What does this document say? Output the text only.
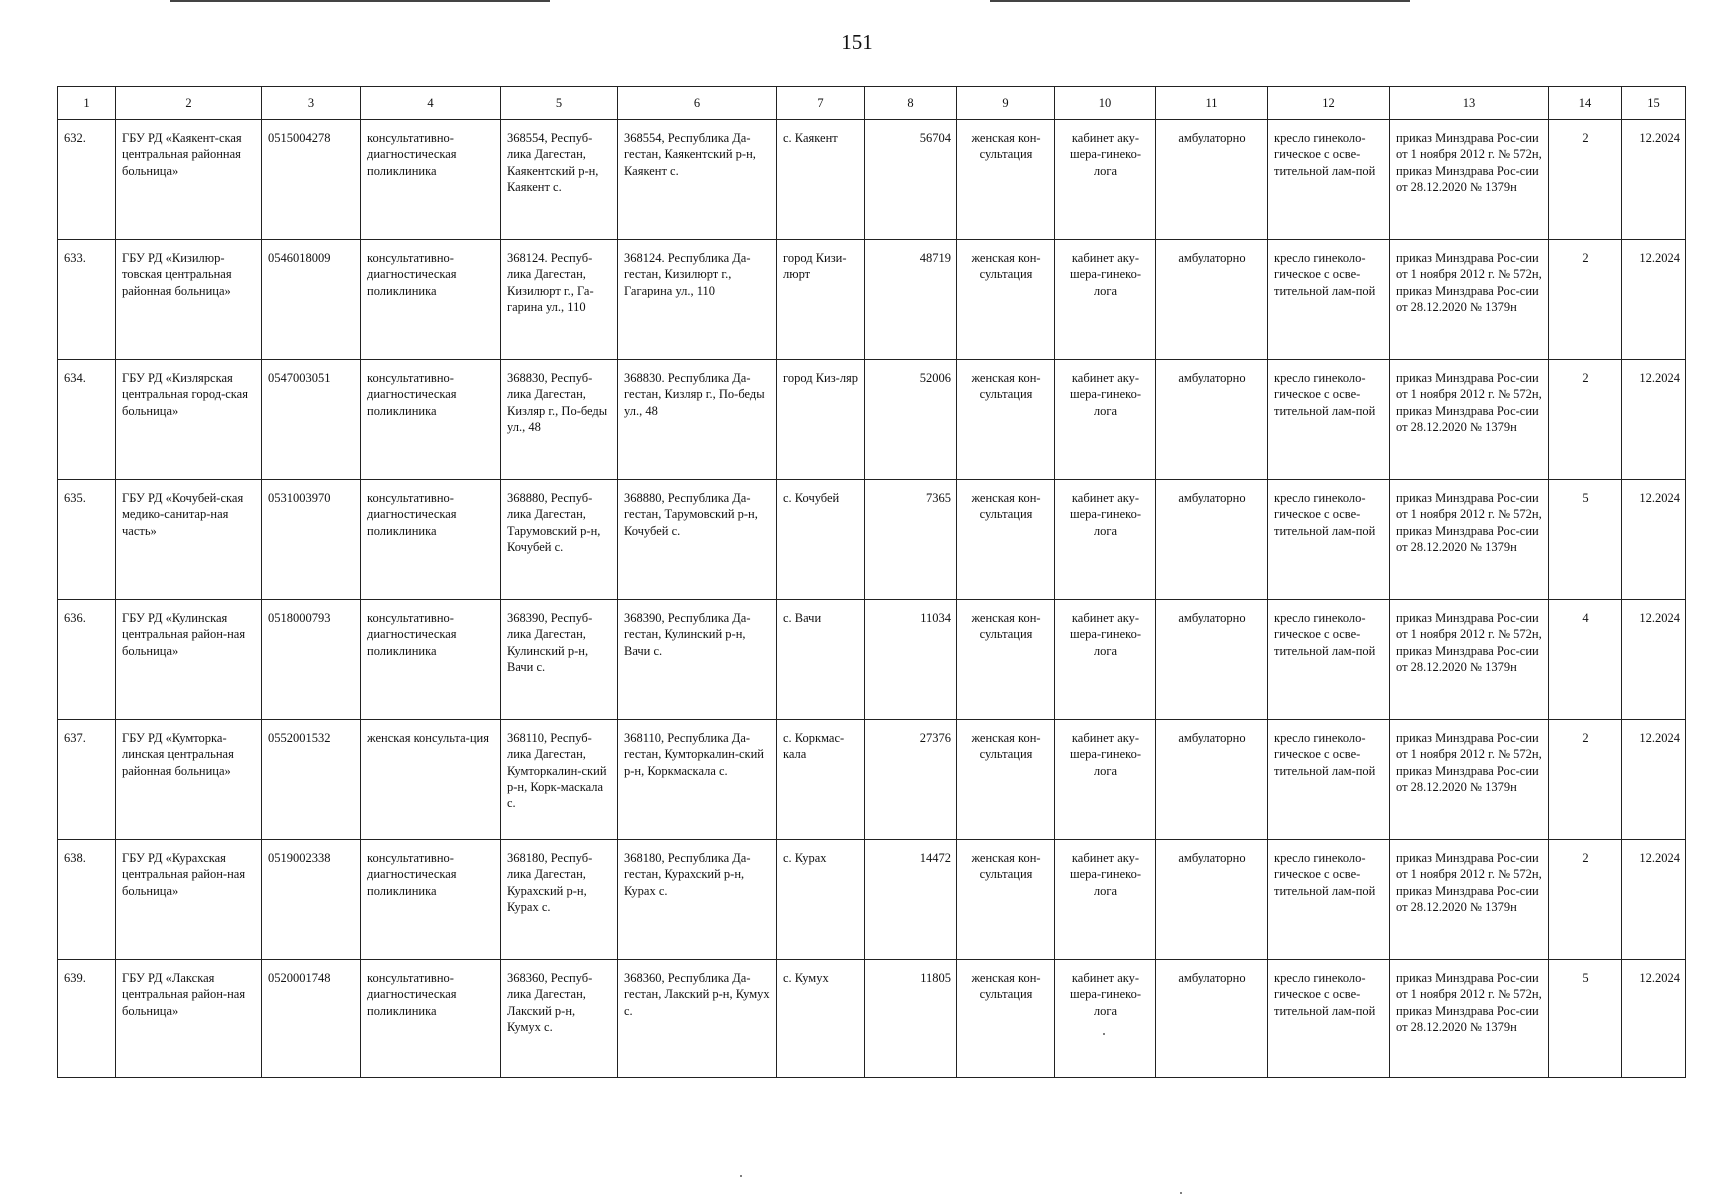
151
1	2	3	4	5	6	7	8	9	10	11	12	13	14	15
632.	ГБУ РД «Каякент-ская центральная районная больница»	0515004278	консультативно-диагностическая поликлиника	368554, Респуб-лика Дагестан, Каякентский р-н, Каякент с.	368554, Республика Да-гестан, Каякентский р-н, Каякент с.	с. Каякент	56704	женская кон-сультация	кабинет аку-шера-гинеко-лога	амбулаторно	кресло гинеколо-гическое с осве-тительной лам-пой	приказ Минздрава Рос-сии от 1 ноября 2012 г. № 572н, приказ Минздрава Рос-сии от 28.12.2020 № 1379н	2	12.2024
633.	ГБУ РД «Кизилюр-товская центральная районная больница»	0546018009	консультативно-диагностическая поликлиника	368124. Респуб-лика Дагестан, Кизилюрт г., Га-гарина ул., 110	368124. Республика Да-гестан, Кизилюрт г., Гагарина ул., 110	город Кизи-люрт	48719	женская кон-сультация	кабинет аку-шера-гинеко-лога	амбулаторно	кресло гинеколо-гическое с осве-тительной лам-пой	приказ Минздрава Рос-сии от 1 ноября 2012 г. № 572н, приказ Минздрава Рос-сии от 28.12.2020 № 1379н	2	12.2024
634.	ГБУ РД «Кизлярская центральная город-ская больница»	0547003051	консультативно-диагностическая поликлиника	368830, Респуб-лика Дагестан, Кизляр г., По-беды ул., 48	368830. Республика Да-гестан, Кизляр г., По-беды ул., 48	город Киз-ляр	52006	женская кон-сультация	кабинет аку-шера-гинеко-лога	амбулаторно	кресло гинеколо-гическое с осве-тительной лам-пой	приказ Минздрава Рос-сии от 1 ноября 2012 г. № 572н, приказ Минздрава Рос-сии от 28.12.2020 № 1379н	2	12.2024
635.	ГБУ РД «Кочубей-ская медико-санитар-ная часть»	0531003970	консультативно-диагностическая поликлиника	368880, Респуб-лика Дагестан, Тарумовский р-н, Кочубей с.	368880, Республика Да-гестан, Тарумовский р-н, Кочубей с.	с. Кочубей	7365	женская кон-сультация	кабинет аку-шера-гинеко-лога	амбулаторно	кресло гинеколо-гическое с осве-тительной лам-пой	приказ Минздрава Рос-сии от 1 ноября 2012 г. № 572н, приказ Минздрава Рос-сии от 28.12.2020 № 1379н	5	12.2024
636.	ГБУ РД «Кулинская центральная район-ная больница»	0518000793	консультативно-диагностическая поликлиника	368390, Респуб-лика Дагестан, Кулинский р-н, Вачи с.	368390, Республика Да-гестан, Кулинский р-н, Вачи с.	с. Вачи	11034	женская кон-сультация	кабинет аку-шера-гинеко-лога	амбулаторно	кресло гинеколо-гическое с осве-тительной лам-пой	приказ Минздрава Рос-сии от 1 ноября 2012 г. № 572н, приказ Минздрава Рос-сии от 28.12.2020 № 1379н	4	12.2024
637.	ГБУ РД «Кумторка-линская центральная районная больница»	0552001532	женская консульта-ция	368110, Респуб-лика Дагестан, Кумторкалин-ский р-н, Корк-маскала с.	368110, Республика Да-гестан, Кумторкалин-ский р-н, Коркмаскала с.	с. Коркмас-кала	27376	женская кон-сультация	кабинет аку-шера-гинеко-лога	амбулаторно	кресло гинеколо-гическое с осве-тительной лам-пой	приказ Минздрава Рос-сии от 1 ноября 2012 г. № 572н, приказ Минздрава Рос-сии от 28.12.2020 № 1379н	2	12.2024
638.	ГБУ РД «Курахская центральная район-ная больница»	0519002338	консультативно-диагностическая поликлиника	368180, Респуб-лика Дагестан, Курахский р-н, Курах с.	368180, Республика Да-гестан, Курахский р-н, Курах с.	с. Курах	14472	женская кон-сультация	кабинет аку-шера-гинеко-лога	амбулаторно	кресло гинеколо-гическое с осве-тительной лам-пой	приказ Минздрава Рос-сии от 1 ноября 2012 г. № 572н, приказ Минздрава Рос-сии от 28.12.2020 № 1379н	2	12.2024
639.	ГБУ РД «Лакская центральная район-ная больница»	0520001748	консультативно-диагностическая поликлиника	368360, Респуб-лика Дагестан, Лакский р-н, Кумух с.	368360, Республика Да-гестан, Лакский р-н, Кумух с.	с. Кумух	11805	женская кон-сультация	кабинет аку-шера-гинеко-лога	амбулаторно	кресло гинеколо-гическое с осве-тительной лам-пой	приказ Минздрава Рос-сии от 1 ноября 2012 г. № 572н, приказ Минздрава Рос-сии от 28.12.2020 № 1379н	5	12.2024
